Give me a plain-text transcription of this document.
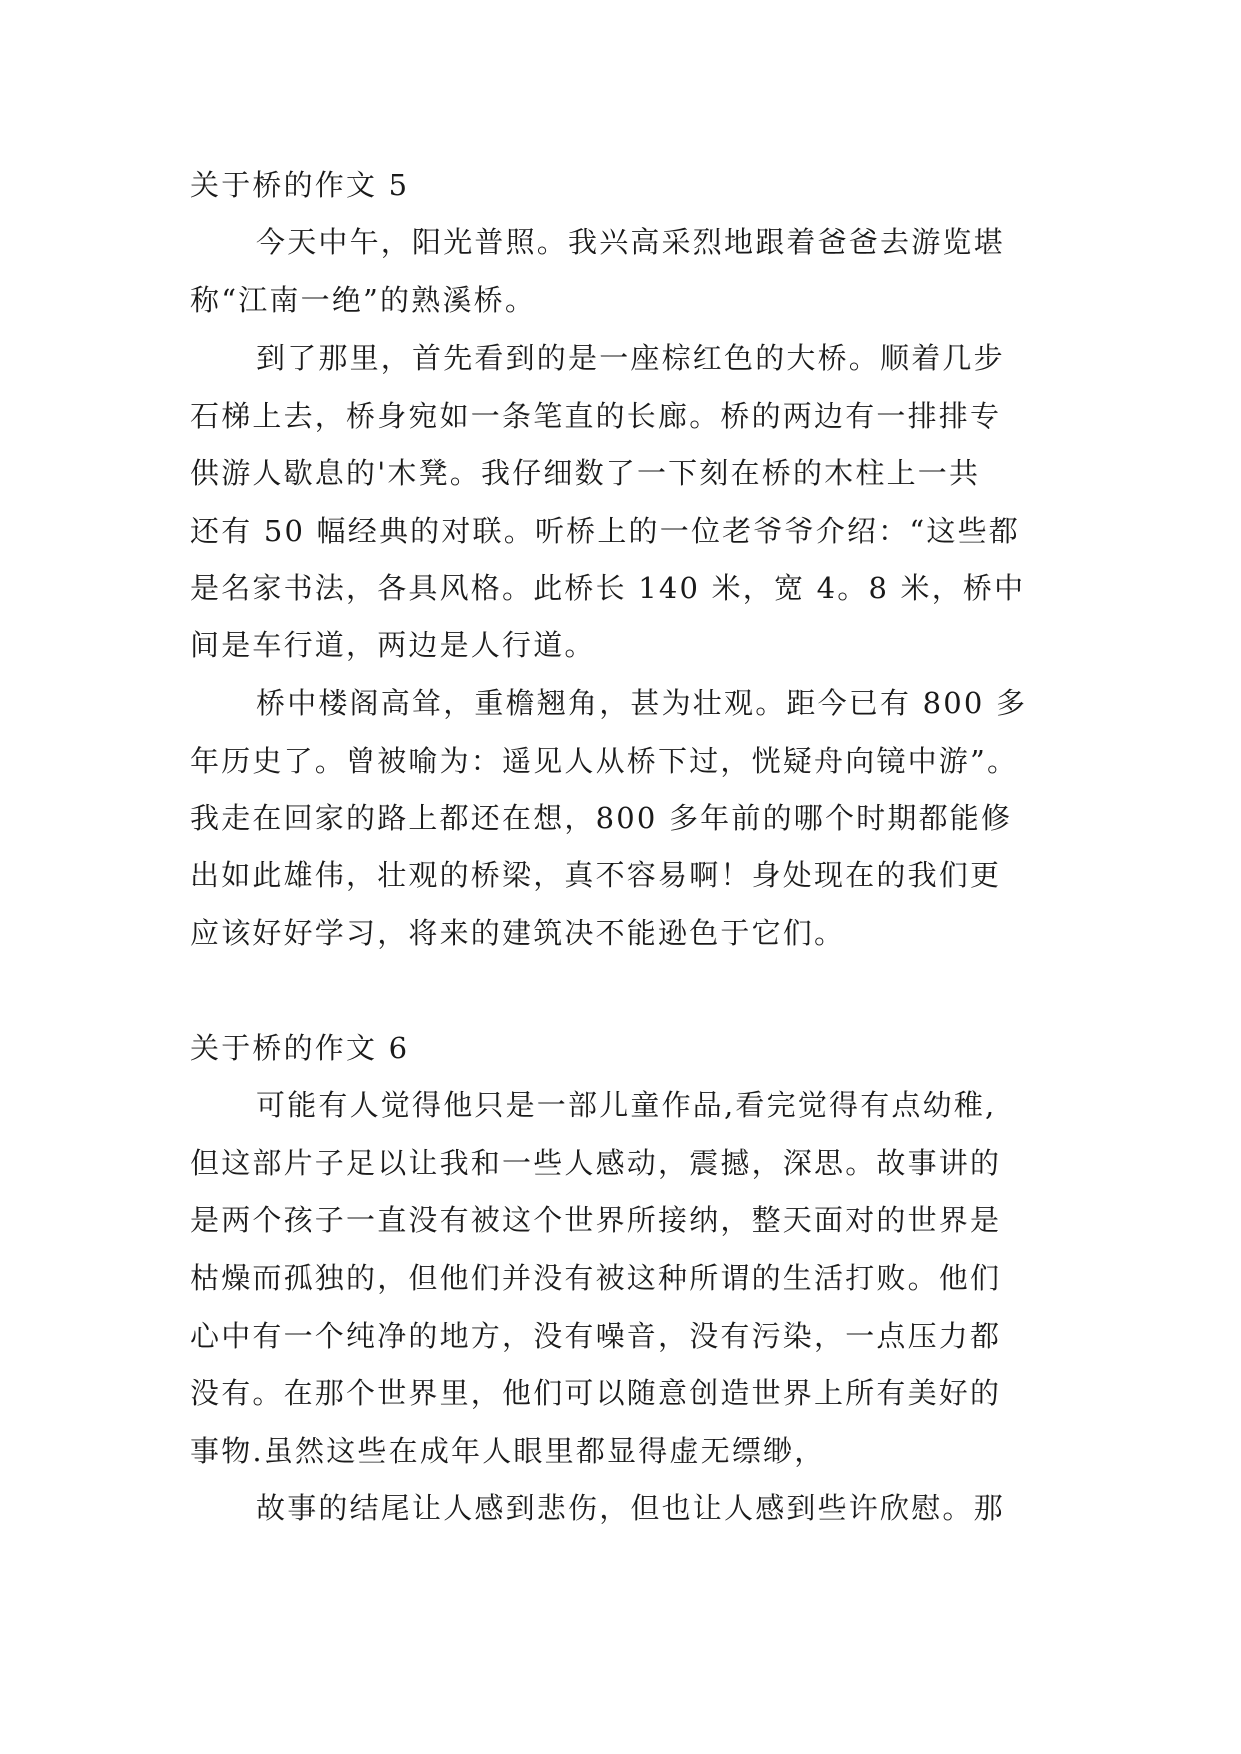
关于桥的作文 5
今天中午，阳光普照。我兴高采烈地跟着爸爸去游览堪
称“江南一绝”的熟溪桥。
到了那里，首先看到的是一座棕红色的大桥。顺着几步
石梯上去，桥身宛如一条笔直的长廊。桥的两边有一排排专
供游人歇息的'木凳。我仔细数了一下刻在桥的木柱上一共
还有 50 幅经典的对联。听桥上的一位老爷爷介绍：“这些都
是名家书法，各具风格。此桥长 140 米，宽 4。8 米，桥中
间是车行道，两边是人行道。
桥中楼阁高耸，重檐翘角，甚为壮观。距今已有 800 多
年历史了。曾被喻为：遥见人从桥下过，恍疑舟向镜中游”。
我走在回家的路上都还在想，800 多年前的哪个时期都能修
出如此雄伟，壮观的桥梁，真不容易啊！身处现在的我们更
应该好好学习，将来的建筑决不能逊色于它们。
关于桥的作文 6
可能有人觉得他只是一部儿童作品,看完觉得有点幼稚,
但这部片子足以让我和一些人感动，震撼，深思。故事讲的
是两个孩子一直没有被这个世界所接纳，整天面对的世界是
枯燥而孤独的，但他们并没有被这种所谓的生活打败。他们
心中有一个纯净的地方，没有噪音，没有污染，一点压力都
没有。在那个世界里，他们可以随意创造世界上所有美好的
事物.虽然这些在成年人眼里都显得虚无缥缈，
故事的结尾让人感到悲伤，但也让人感到些许欣慰。那
